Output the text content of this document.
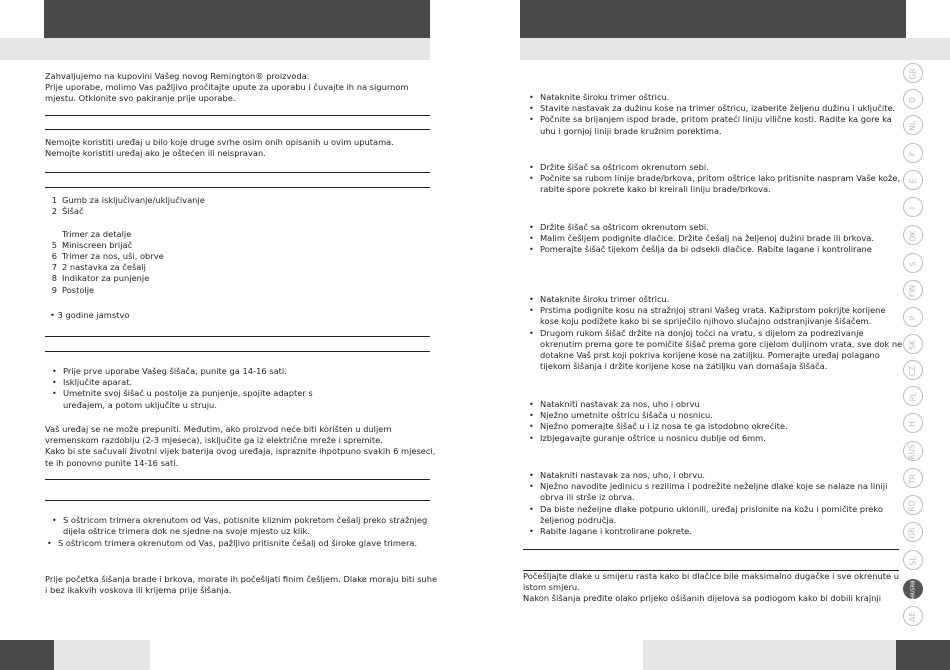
Zahvaljujemo na kupovini Vašeg novog Remington® proizvoda.
Prije uporabe, molimo Vas pažljivo pročitajte upute za uporabu i čuvajte ih na sigurnom
mjestu. Otklonite svo pakiranje prije uporabe.
Nemojte koristiti uređaj u bilo koje druge svrhe osim onih opisanih u ovim uputama.
Nemojte koristiti uređaj ako je oštećen ili neispravan.
1 Gumb za isključivanje/uključivanje
2 Šišač
Trimer za detalje
5 Miniscreen brijač
6 Trimer za nos, uši, obrve
7 2 nastavka za češalj
8 Indikator za punjenje
9 Postolje
• 3 godine jamstvo
• Prije prve uporabe Vašeg šišača, punite ga 14-16 sati.
• Isključite aparat.
• Umetnite svoj šišač u postolje za punjenje, spojite adapter s
uređajem, a potom uključite u struju.
Vaš uređaj se ne može prepuniti. Međutim, ako proizvod neće biti korišten u duljem
vremenskom razdoblju (2-3 mjeseca), isključite ga iz električne mreže i spremite.
Kako bi ste sačuvali životni vijek baterija ovog uređaja, ispraznite ihpotpuno svakih 6 mjeseci,
te ih ponovno punite 14-16 sati.
• S oštricom trimera okrenutom od Vas, potisnite kliznim pokretom češalj preko stražnjeg
dijela oštrice trimera dok ne sjedne na svoje mjesto uz klik.
• S oštricom trimera okrenutom od Vas, pažljivo pritisnite češalj od široke glave trimera.
Prije početka šišanja brade i brkova, morate ih počešljati finim češljem. Dlake moraju biti suhe
i bez ikakvih voskova ili krijema prije šišanja.
• Nataknite široku trimer oštricu.
• Stavite nastavak za dužinu kose na trimer oštricu, izaberite željenu dužinu i uključite.
• Počnite sa brijanjem ispod brade, pritom prateći liniju vilične kosti. Radite ka gore ka
uhu i gornjoj liniji brade kružnim porektima.
• Držite šišač sa oštricom okrenutom sebi.
• Počnite sa rubom linije brade/brkova, pritom oštrice lako pritisnite naspram Vaše kože,
rabite spore pokrete kako bi kreirali liniju brade/brkova.
• Držite šišač sa oštricom okrenutom sebi.
• Malim češljem podignite dlačice. Držite češalj na željenoj dužini brade ili brkova.
• Pomerajte šišač tijekom češlja da bi odsekli dlačice. Rabite lagane i kontrolirane
• Nataknite široku trimer oštricu.
• Prstima podignite kosu na stražnjoj strani Vašeg vrata. Kažiprstom pokrijte korijene
kose koju podižete kako bi se spriječilo njihovo slučajno odstranjivanje šišačem.
• Drugom rukom šišač držite na donjoj točci na vratu, s dijelom za podrezivanje
okrenutim prema gore te pomičite šišač prema gore cijelom duljinom vrata, sve dok ne
dotakne Vaš prst koji pokriva korijene kose na zatiljku. Pomerajte uređaj polagano
tijekom šišanja i držite korijene kose na zatiljku van domašaja šišača.
• Natakniti nastavak za nos, uho i obrvu
• Nježno umetnite oštricu šišača u nosnicu.
• Nježno pomerajte šišač u i iz nosa te ga istodobno okrećite.
• Izbjegavajte guranje oštrice u nosnicu dublje od 6mm.
• Natakniti nastavak za nos, uho, i obrvu.
• Nježno navodite jedinicu s rezilima i podrežite neželjne dlake koje se nalaze na liniji
obrva ili strše iz obrva.
• Da biste neželjne dlake potpuno uklonili, uređaj prislonite na kožu i pomičite preko
željenog područja.
• Rabite lagane i kontrolirane pokrete.
Počešljajte dlake u smijeru rasta kako bi dlačice bile maksimalno dugačke i sve okrenute u
istom smjeru.
Nakon šišanja pređite olako prijeko ošišanih dijelova sa podlogom kako bi dobili krajnji
GB
D
NL
F
E
I
DK
S
FIN
P
SK
CZ
PL
H
RUS
TR
RO
GR
SL
HR/SRB
AE
